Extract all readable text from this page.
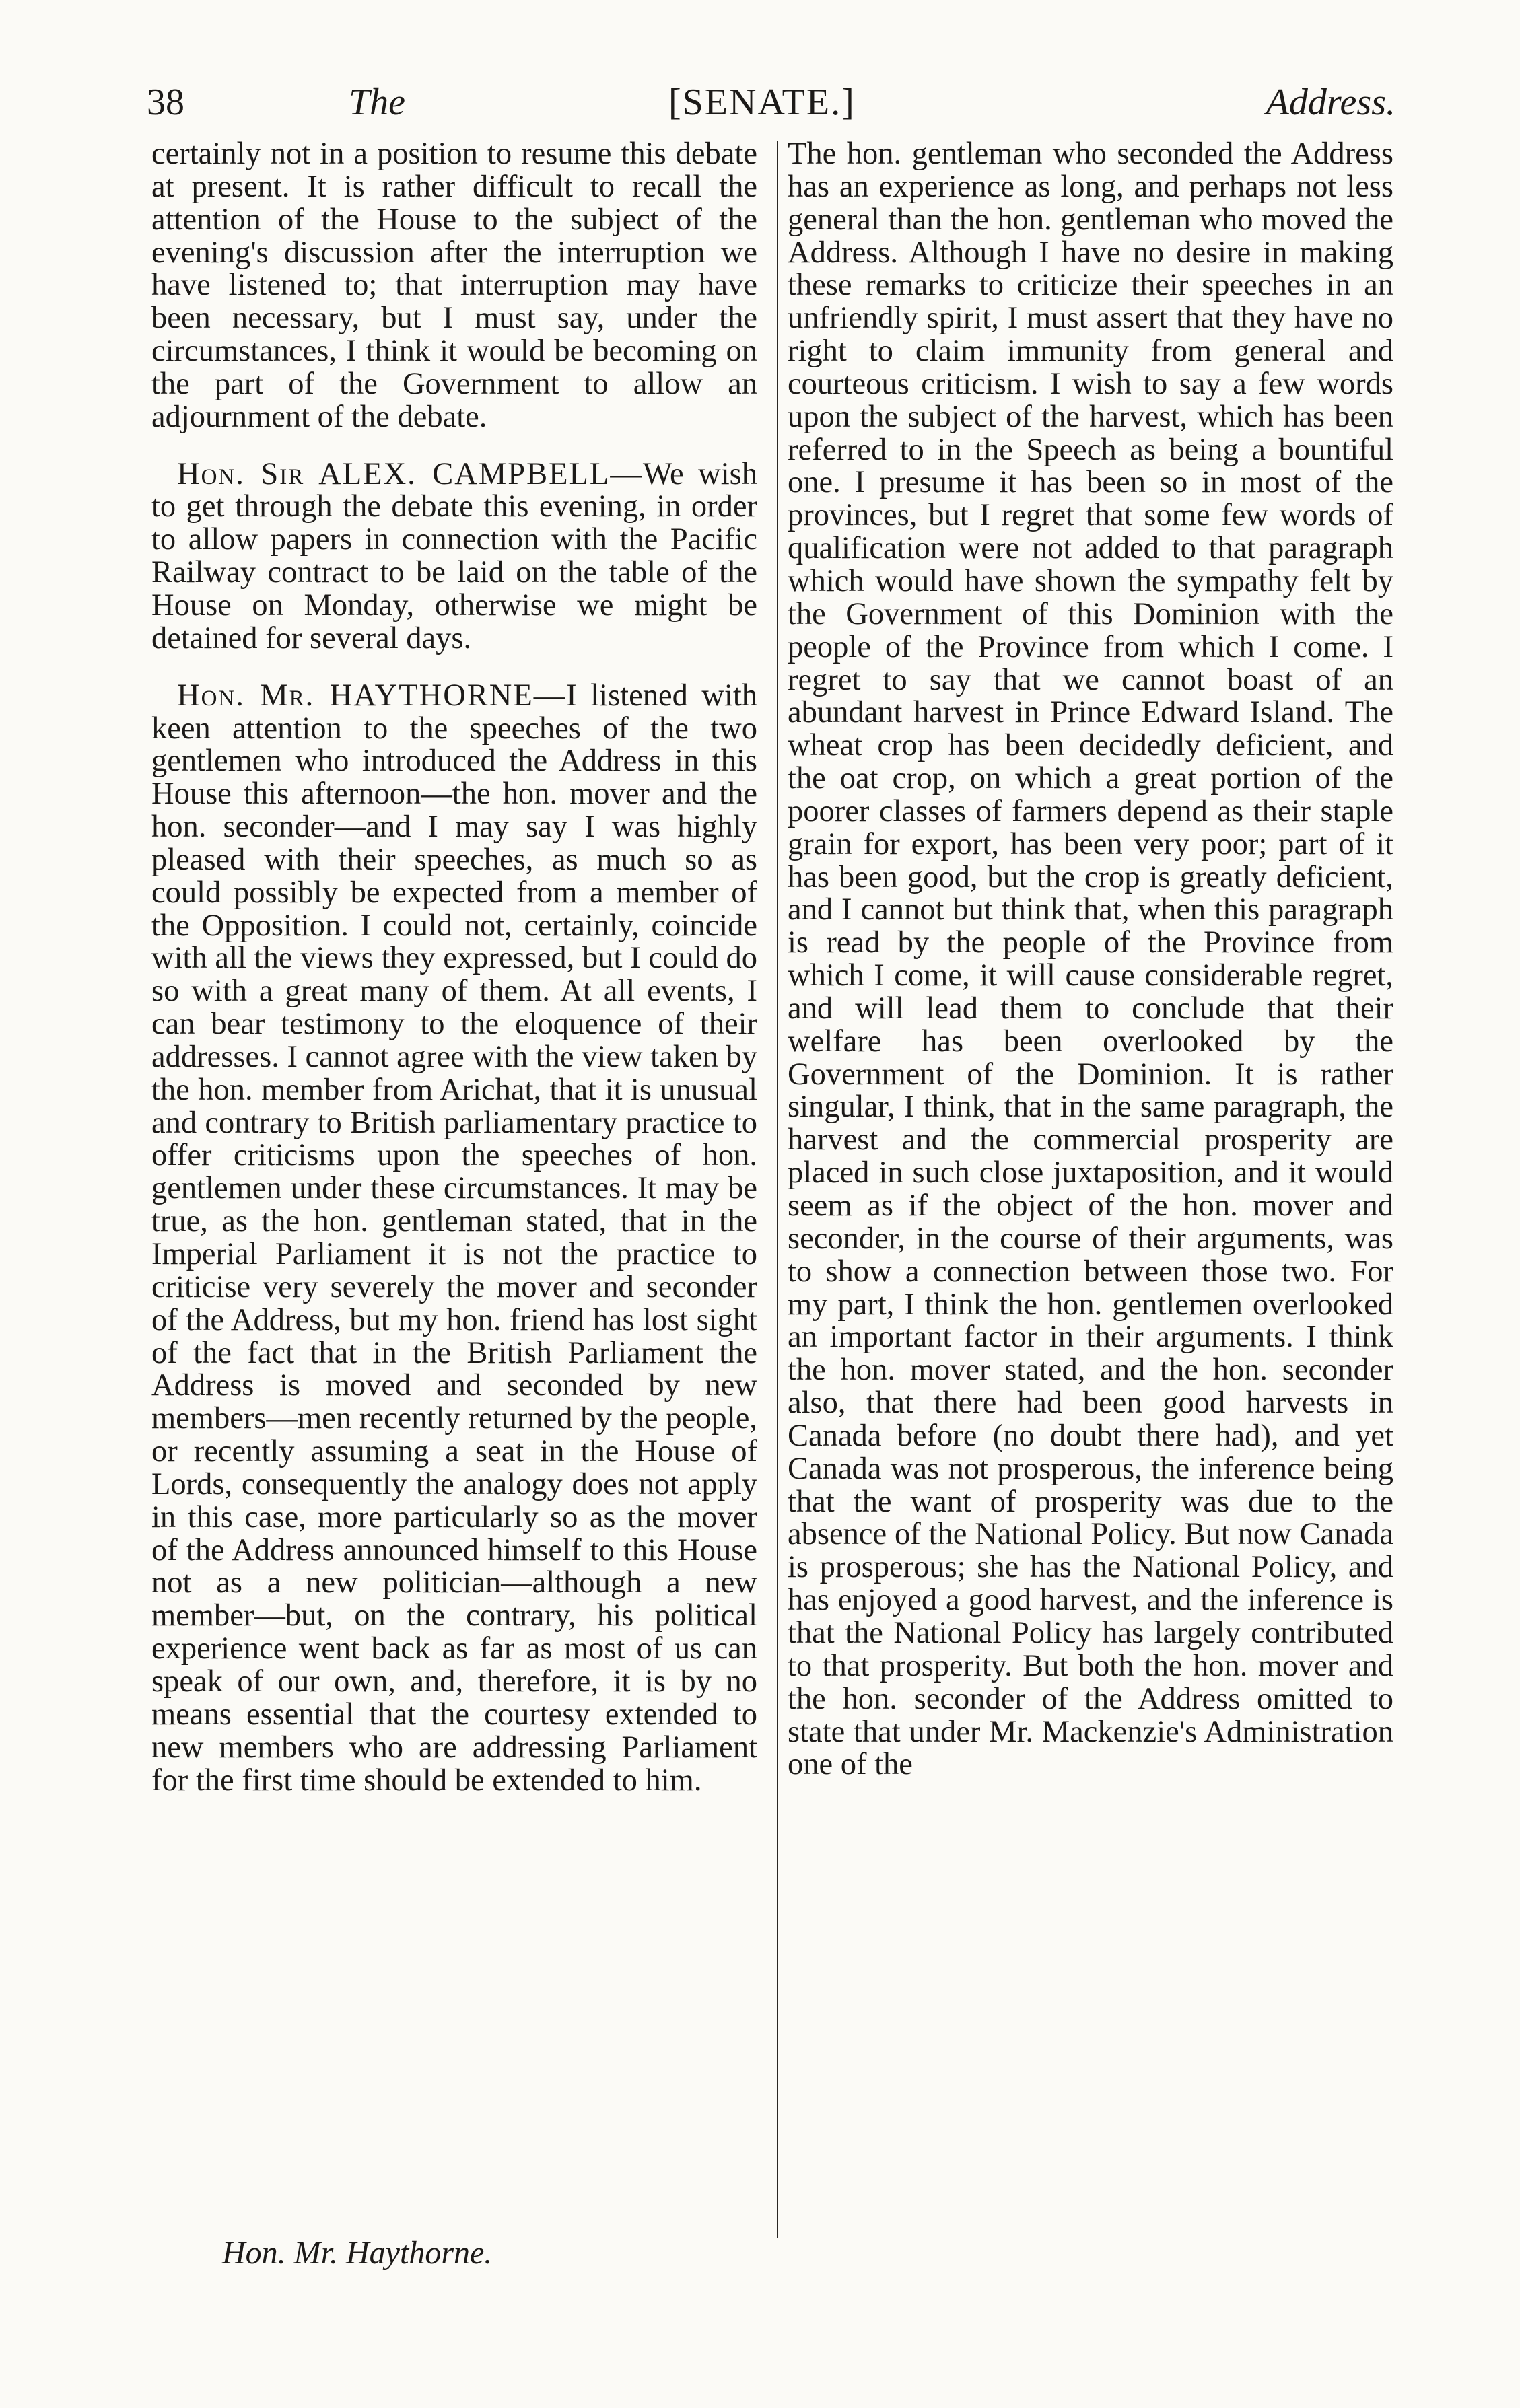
38	The	[SENATE.]	Address.

certainly not in a position to resume this debate at present. It is rather difficult to recall the attention of the House to the subject of the evening's discussion after the interruption we have listened to; that interruption may have been necessary, but I must say, under the circumstances, I think it would be becoming on the part of the Government to allow an adjournment of the debate.

Hon. Sir ALEX. CAMPBELL—We wish to get through the debate this evening, in order to allow papers in connection with the Pacific Railway contract to be laid on the table of the House on Monday, otherwise we might be detained for several days.

Hon. Mr. HAYTHORNE—I listened with keen attention to the speeches of the two gentlemen who introduced the Address in this House this afternoon—the hon. mover and the hon. seconder—and I may say I was highly pleased with their speeches, as much so as could possibly be expected from a member of the Opposition. I could not, certainly, coincide with all the views they expressed, but I could do so with a great many of them. At all events, I can bear testimony to the eloquence of their addresses. I cannot agree with the view taken by the hon. member from Arichat, that it is unusual and contrary to British parliamentary practice to offer criticisms upon the speeches of hon. gentlemen under these circumstances. It may be true, as the hon. gentleman stated, that in the Imperial Parliament it is not the practice to criticise very severely the mover and seconder of the Address, but my hon. friend has lost sight of the fact that in the British Parliament the Address is moved and seconded by new members—men recently returned by the people, or recently assuming a seat in the House of Lords, consequently the analogy does not apply in this case, more particularly so as the mover of the Address announced himself to this House not as a new politician—although a new member—but, on the contrary, his political experience went back as far as most of us can speak of our own, and, therefore, it is by no means essential that the courtesy extended to new members who are addressing Parliament for the first time should be extended to him.

The hon. gentleman who seconded the Address has an experience as long, and perhaps not less general than the hon. gentleman who moved the Address. Although I have no desire in making these remarks to criticize their speeches in an unfriendly spirit, I must assert that they have no right to claim immunity from general and courteous criticism. I wish to say a few words upon the subject of the harvest, which has been referred to in the Speech as being a bountiful one. I presume it has been so in most of the provinces, but I regret that some few words of qualification were not added to that paragraph which would have shown the sympathy felt by the Government of this Dominion with the people of the Province from which I come. I regret to say that we cannot boast of an abundant harvest in Prince Edward Island. The wheat crop has been decidedly deficient, and the oat crop, on which a great portion of the poorer classes of farmers depend as their staple grain for export, has been very poor; part of it has been good, but the crop is greatly deficient, and I cannot but think that, when this paragraph is read by the people of the Province from which I come, it will cause considerable regret, and will lead them to conclude that their welfare has been overlooked by the Government of the Dominion. It is rather singular, I think, that in the same paragraph, the harvest and the commercial prosperity are placed in such close juxtaposition, and it would seem as if the object of the hon. mover and seconder, in the course of their arguments, was to show a connection between those two. For my part, I think the hon. gentlemen overlooked an important factor in their arguments. I think the hon. mover stated, and the hon. seconder also, that there had been good harvests in Canada before (no doubt there had), and yet Canada was not prosperous, the inference being that the want of prosperity was due to the absence of the National Policy. But now Canada is prosperous; she has the National Policy, and has enjoyed a good harvest, and the inference is that the National Policy has largely contributed to that prosperity. But both the hon. mover and the hon. seconder of the Address omitted to state that under Mr. Mackenzie's Administration one of the

Hon. Mr. Haythorne.
